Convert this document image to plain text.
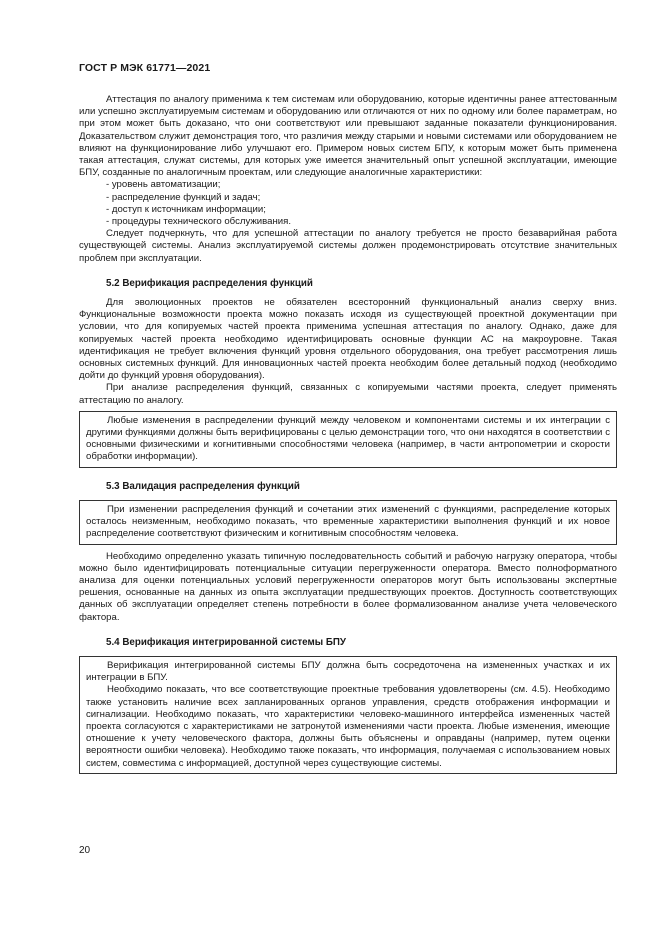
ГОСТ Р МЭК 61771—2021

Аттестация по аналогу применима к тем системам или оборудованию, которые идентичны ранее аттестованным или успешно эксплуатируемым системам и оборудованию или отличаются от них по одному или более параметрам, но при этом может быть доказано, что они соответствуют или превышают заданные показатели функционирования. Доказательством служит демонстрация того, что различия между старыми и новыми системами или оборудованием не влияют на функционирование либо улучшают его. Примером новых систем БПУ, к которым может быть применена такая аттестация, служат системы, для которых уже имеется значительный опыт успешной эксплуатации, имеющие БПУ, созданные по аналогичным проектам, или следующие аналогичные характеристики:

- уровень автоматизации;

- распределение функций и задач;

- доступ к источникам информации;

- процедуры технического обслуживания.

Следует подчеркнуть, что для успешной аттестации по аналогу требуется не просто безаварийная работа существующей системы. Анализ эксплуатируемой системы должен продемонстрировать отсутствие значительных проблем при эксплуатации.

5.2 Верификация распределения функций

Для эволюционных проектов не обязателен всесторонний функциональный анализ сверху вниз. Функциональные возможности проекта можно показать исходя из существующей проектной документации при условии, что для копируемых частей проекта применима успешная аттестация по аналогу. Однако, даже для копируемых частей проекта необходимо идентифицировать основные функции АС на макроуровне. Такая идентификация не требует включения функций уровня отдельного оборудования, она требует рассмотрения лишь основных системных функций. Для инновационных частей проекта необходим более детальный подход (необходимо дойти до функций уровня оборудования).

При анализе распределения функций, связанных с копируемыми частями проекта, следует применять аттестацию по аналогу.

Любые изменения в распределении функций между человеком и компонентами системы и их интеграции с другими функциями должны быть верифицированы с целью демонстрации того, что они находятся в соответствии с основными физическими и когнитивными способностями человека (например, в части антропометрии и скорости обработки информации).

5.3 Валидация распределения функций

При изменении распределения функций и сочетании этих изменений с функциями, распределение которых осталось неизменным, необходимо показать, что временные характеристики выполнения функций и их новое распределение соответствуют физическим и когнитивным способностям человека.

Необходимо определенно указать типичную последовательность событий и рабочую нагрузку оператора, чтобы можно было идентифицировать потенциальные ситуации перегруженности оператора. Вместо полноформатного анализа для оценки потенциальных условий перегруженности операторов могут быть использованы экспертные решения, основанные на данных из опыта эксплуатации предшествующих проектов. Доступность соответствующих данных об эксплуатации определяет степень потребности в более формализованном анализе учета человеческого фактора.

5.4 Верификация интегрированной системы БПУ

Верификация интегрированной системы БПУ должна быть сосредоточена на измененных участках и их интеграции в БПУ.

Необходимо показать, что все соответствующие проектные требования удовлетворены (см. 4.5). Необходимо также установить наличие всех запланированных органов управления, средств отображения информации и сигнализации. Необходимо показать, что характеристики человеко-машинного интерфейса измененных частей проекта согласуются с характеристиками не затронутой изменениями части проекта. Любые изменения, имеющие отношение к учету человеческого фактора, должны быть объяснены и оправданы (например, путем оценки вероятности ошибки человека). Необходимо также показать, что информация, получаемая с использованием новых систем, совместима с информацией, доступной через существующие системы.

20
